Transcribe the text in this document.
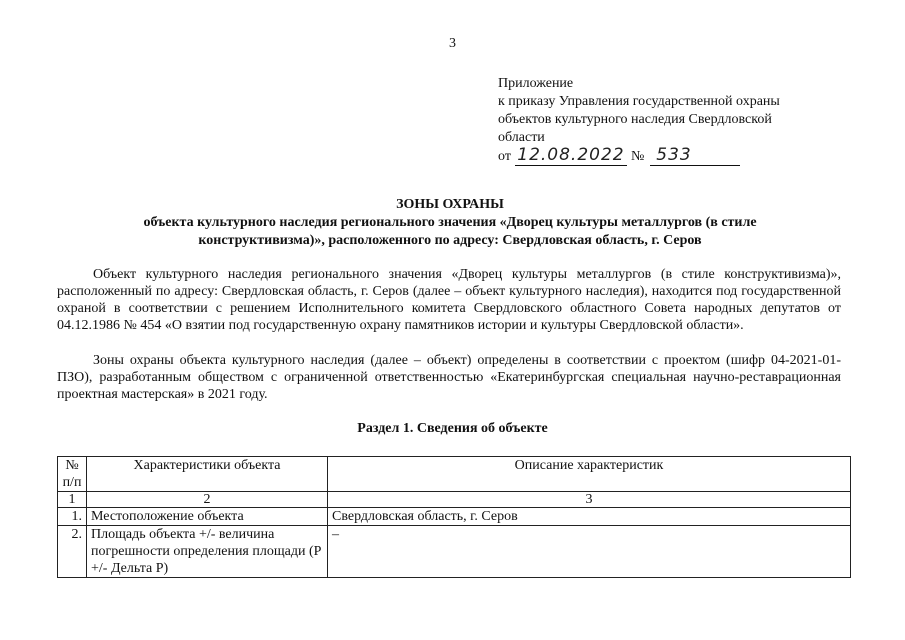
3
Приложение
к приказу Управления государственной охраны
объектов культурного наследия Свердловской
области
от 12.08.2022 № 533
ЗОНЫ ОХРАНЫ
объекта культурного наследия регионального значения «Дворец культуры металлургов (в стиле
конструктивизма)», расположенного по адресу: Свердловская область, г. Серов
Объект культурного наследия регионального значения «Дворец культуры металлургов (в стиле конструктивизма)», расположенный по адресу: Свердловская область, г. Серов (далее – объект культурного наследия), находится под государственной охраной в соответствии с решением Исполнительного комитета Свердловского областного Совета народных депутатов от 04.12.1986 № 454 «О взятии под государственную охрану памятников истории и культуры Свердловской области».
Зоны охраны объекта культурного наследия (далее – объект) определены в соответствии с проектом (шифр 04-2021-01-ПЗО), разработанным обществом с ограниченной ответственностью «Екатеринбургская специальная научно-реставрационная проектная мастерская» в 2021 году.
Раздел 1. Сведения об объекте
№ п/п	Характеристики объекта	Описание характеристик
1	2	3
1.	Местоположение объекта	Свердловская область, г. Серов
2.	Площадь объекта +/- величина погрешности определения площади (P +/- Дельта P)	–
